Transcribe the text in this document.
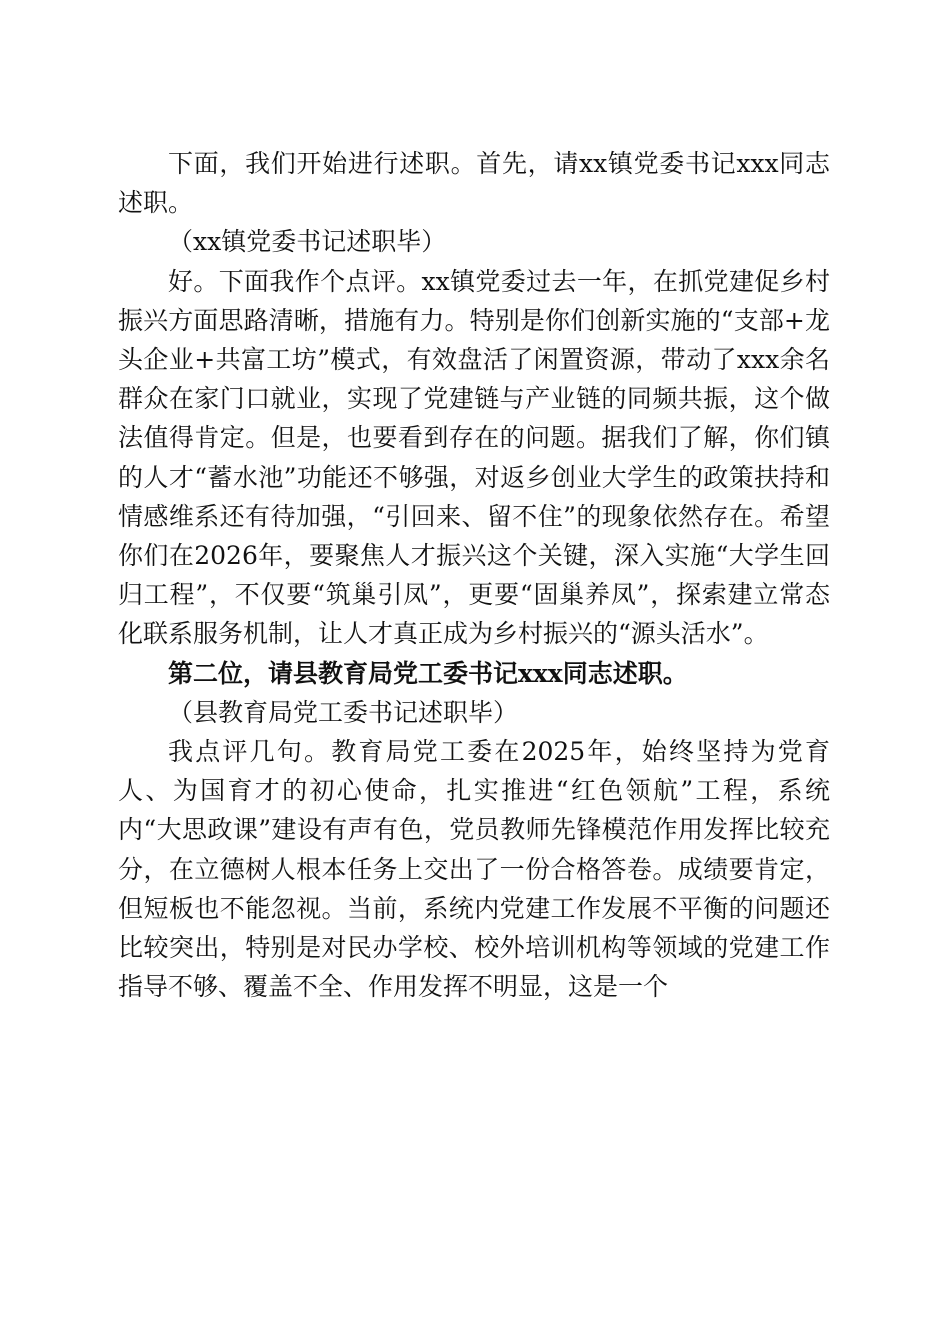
下面，我们开始进行述职。首先，请xx镇党委书记xxx同志述职。

（xx镇党委书记述职毕）

好。下面我作个点评。xx镇党委过去一年，在抓党建促乡村振兴方面思路清晰，措施有力。特别是你们创新实施的“支部+龙头企业+共富工坊”模式，有效盘活了闲置资源，带动了xxx余名群众在家门口就业，实现了党建链与产业链的同频共振，这个做法值得肯定。但是，也要看到存在的问题。据我们了解，你们镇的人才“蓄水池”功能还不够强，对返乡创业大学生的政策扶持和情感维系还有待加强，“引回来、留不住”的现象依然存在。希望你们在2026年，要聚焦人才振兴这个关键，深入实施“大学生回归工程”，不仅要“筑巢引凤”，更要“固巢养凤”，探索建立常态化联系服务机制，让人才真正成为乡村振兴的“源头活水”。

第二位，请县教育局党工委书记xxx同志述职。

（县教育局党工委书记述职毕）

我点评几句。教育局党工委在2025年，始终坚持为党育人、为国育才的初心使命，扎实推进“红色领航”工程，系统内“大思政课”建设有声有色，党员教师先锋模范作用发挥比较充分，在立德树人根本任务上交出了一份合格答卷。成绩要肯定，但短板也不能忽视。当前，系统内党建工作发展不平衡的问题还比较突出，特别是对民办学校、校外培训机构等领域的党建工作指导不够、覆盖不全、作用发挥不明显，这是一个
